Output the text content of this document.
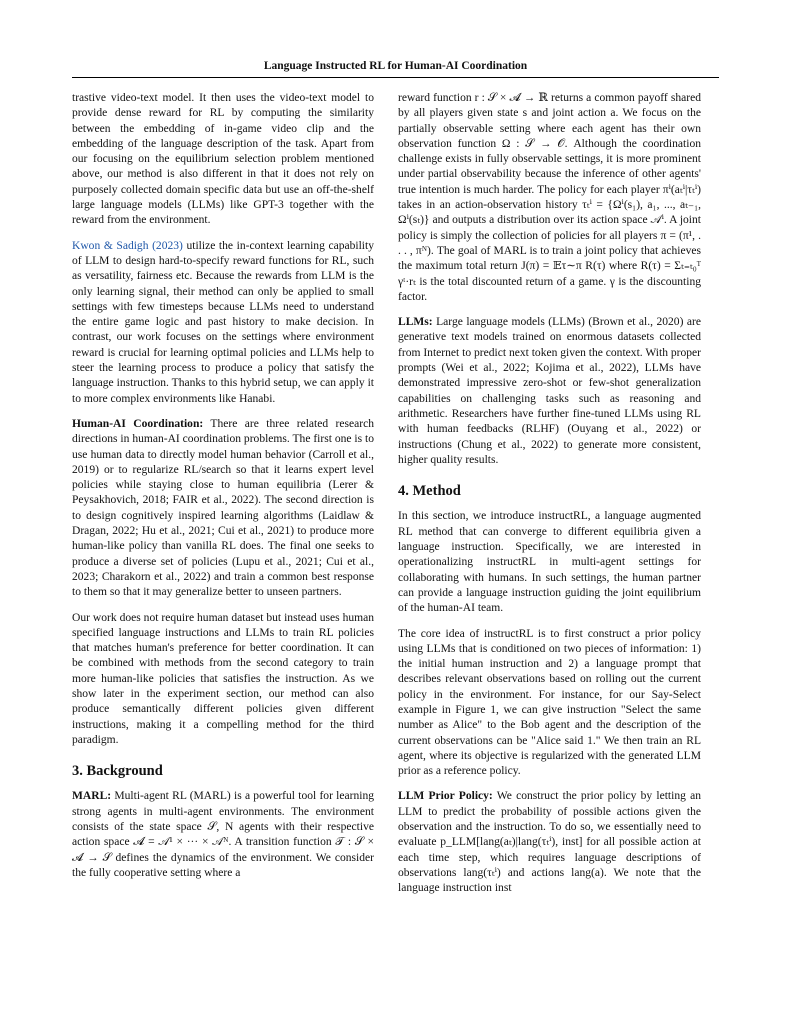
Language Instructed RL for Human-AI Coordination

trastive video-text model. It then uses the video-text model to provide dense reward for RL by computing the similarity between the embedding of in-game video clip and the embedding of the language description of the task. Apart from our focusing on the equilibrium selection problem mentioned above, our method is also different in that it does not rely on purposely collected domain specific data but use an off-the-shelf large language models (LLMs) like GPT-3 together with the reward from the environment.

Kwon & Sadigh (2023) utilize the in-context learning capability of LLM to design hard-to-specify reward functions for RL, such as versatility, fairness etc. Because the rewards from LLM is the only learning signal, their method can only be applied to small settings with few timesteps because LLMs need to understand the entire game logic and past history to make decision. In contrast, our work focuses on the settings where environment reward is crucial for learning optimal policies and LLMs help to steer the learning process to produce a policy that satisfy the language instruction. Thanks to this hybrid setup, we can apply it to more complex environments like Hanabi.

Human-AI Coordination: There are three related research directions in human-AI coordination problems. The first one is to use human data to directly model human behavior (Carroll et al., 2019) or to regularize RL/search so that it learns expert level policies while staying close to human equilibria (Lerer & Peysakhovich, 2018; FAIR et al., 2022). The second direction is to design cognitively inspired learning algorithms (Laidlaw & Dragan, 2022; Hu et al., 2021; Cui et al., 2021) to produce more human-like policy than vanilla RL does. The final one seeks to produce a diverse set of policies (Lupu et al., 2021; Cui et al., 2023; Charakorn et al., 2022) and train a common best response to them so that it may generalize better to unseen partners.

Our work does not require human dataset but instead uses human specified language instructions and LLMs to train RL policies that matches human's preference for better coordination. It can be combined with methods from the second category to train more human-like policies that satisfies the instruction. As we show later in the experiment section, our method can also produce semantically different policies given different instructions, making it a compelling method for the third paradigm.

3. Background

MARL: Multi-agent RL (MARL) is a powerful tool for learning strong agents in multi-agent environments. The environment consists of the state space 𝒮, N agents with their respective action space 𝓐 = 𝒜¹ × ··· × 𝒜ᴺ. A transition function 𝒯 : 𝒮 × 𝓐 → 𝒮 defines the dynamics of the environment. We consider the fully cooperative setting where a

reward function r : 𝒮 × 𝓐 → ℝ returns a common payoff shared by all players given state s and joint action a. We focus on the partially observable setting where each agent has their own observation function Ω : 𝒮 → 𝒪. Although the coordination challenge exists in fully observable settings, it is more prominent under partial observability because the inference of other agents' true intention is much harder. The policy for each player πⁱ(aₜⁱ|τₜⁱ) takes in an action-observation history τₜⁱ = {Ωⁱ(s₁), a₁, ..., aₜ₋₁, Ωⁱ(sₜ)} and outputs a distribution over its action space 𝒜ⁱ. A joint policy is simply the collection of policies for all players π = (π¹, . . . , πᴺ). The goal of MARL is to train a joint policy that achieves the maximum total return J(π) = 𝔼τ∼π R(τ) where R(τ) = Σₜ₌ₜ₀ᵀ γᵗ·rₜ is the total discounted return of a game. γ is the discounting factor.

LLMs: Large language models (LLMs) (Brown et al., 2020) are generative text models trained on enormous datasets collected from Internet to predict next token given the context. With proper prompts (Wei et al., 2022; Kojima et al., 2022), LLMs have demonstrated impressive zero-shot or few-shot generalization capabilities on challenging tasks such as reasoning and arithmetic. Researchers have further fine-tuned LLMs using RL with human feedbacks (RLHF) (Ouyang et al., 2022) or instructions (Chung et al., 2022) to generate more consistent, higher quality results.

4. Method

In this section, we introduce instructRL, a language augmented RL method that can converge to different equilibria given a language instruction. Specifically, we are interested in operationalizing instructRL in multi-agent settings for collaborating with humans. In such settings, the human partner can provide a language instruction guiding the joint equilibrium of the human-AI team.

The core idea of instructRL is to first construct a prior policy using LLMs that is conditioned on two pieces of information: 1) the initial human instruction and 2) a language prompt that describes relevant observations based on rolling out the current policy in the environment. For instance, for our Say-Select example in Figure 1, we can give instruction "Select the same number as Alice" to the Bob agent and the description of the current observations can be "Alice said 1." We then train an RL agent, where its objective is regularized with the generated LLM prior as a reference policy.

LLM Prior Policy: We construct the prior policy by letting an LLM to predict the probability of possible actions given the observation and the instruction. To do so, we essentially need to evaluate p_LLM[lang(aₜ)|lang(τₜⁱ), inst] for all possible action at each time step, which requires language descriptions of observations lang(τₜⁱ) and actions lang(a). We note that the language instruction inst
